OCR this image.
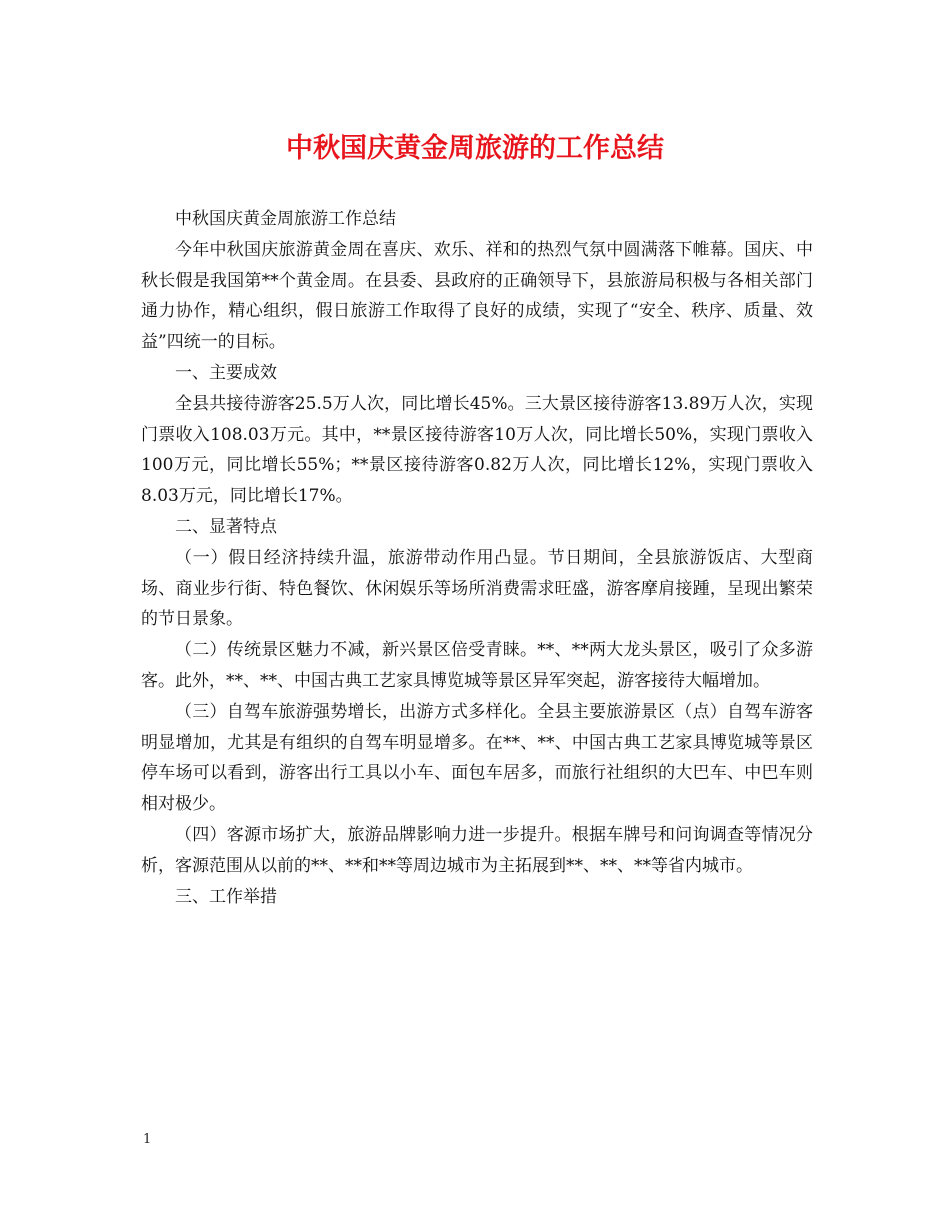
中秋国庆黄金周旅游的工作总结

中秋国庆黄金周旅游工作总结

今年中秋国庆旅游黄金周在喜庆、欢乐、祥和的热烈气氛中圆满落下帷幕。国庆、中秋长假是我国第**个黄金周。在县委、县政府的正确领导下，县旅游局积极与各相关部门通力协作，精心组织，假日旅游工作取得了良好的成绩，实现了“安全、秩序、质量、效益”四统一的目标。

一、主要成效

全县共接待游客25.5万人次，同比增长45%。三大景区接待游客13.89万人次，实现门票收入108.03万元。其中，**景区接待游客10万人次，同比增长50%，实现门票收入100万元，同比增长55%；**景区接待游客0.82万人次，同比增长12%，实现门票收入8.03万元，同比增长17%。

二、显著特点

（一）假日经济持续升温，旅游带动作用凸显。节日期间，全县旅游饭店、大型商场、商业步行街、特色餐饮、休闲娱乐等场所消费需求旺盛，游客摩肩接踵，呈现出繁荣的节日景象。

（二）传统景区魅力不减，新兴景区倍受青睐。**、**两大龙头景区，吸引了众多游客。此外，**、**、中国古典工艺家具博览城等景区异军突起，游客接待大幅增加。

（三）自驾车旅游强势增长，出游方式多样化。全县主要旅游景区（点）自驾车游客明显增加，尤其是有组织的自驾车明显增多。在**、**、中国古典工艺家具博览城等景区停车场可以看到，游客出行工具以小车、面包车居多，而旅行社组织的大巴车、中巴车则相对极少。

（四）客源市场扩大，旅游品牌影响力进一步提升。根据车牌号和问询调查等情况分析，客源范围从以前的**、**和**等周边城市为主拓展到**、**、**等省内城市。

三、工作举措

1
